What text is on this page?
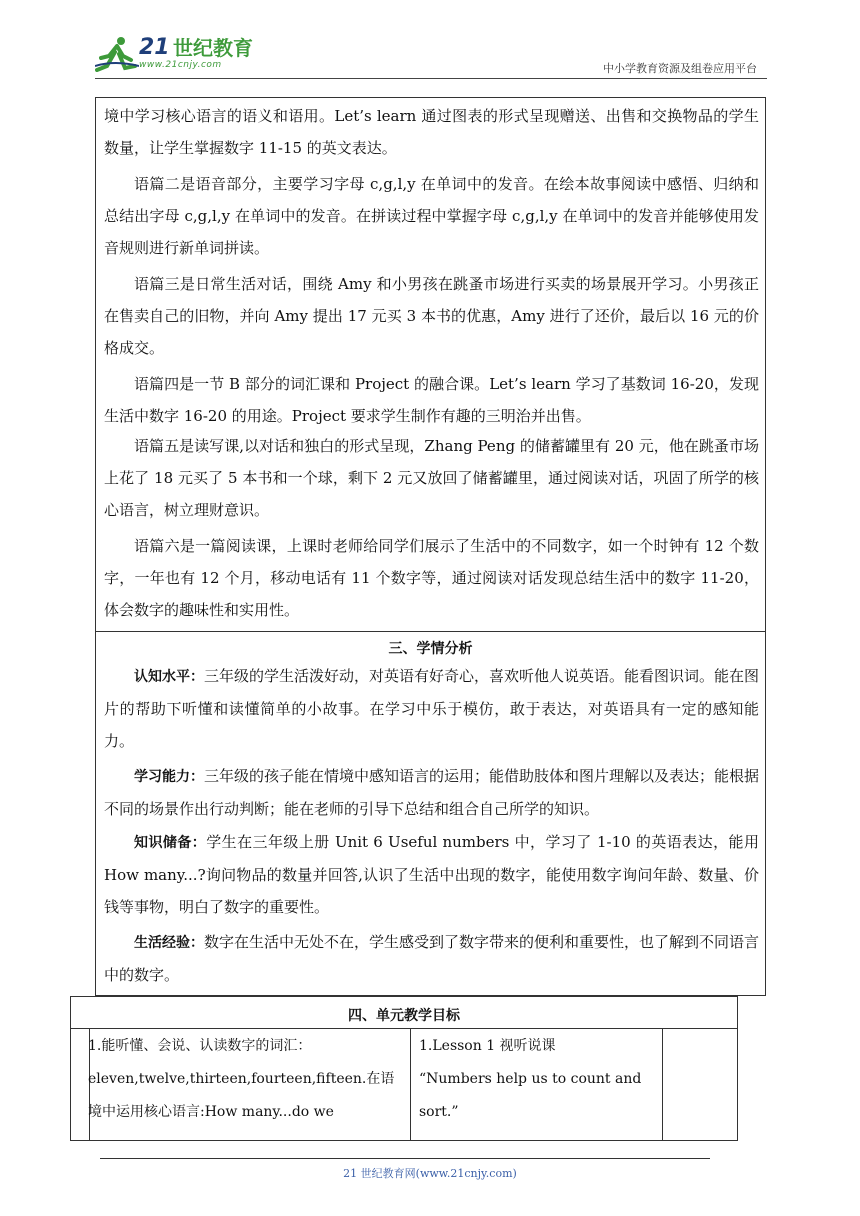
21 世纪教育
www.21cnjy.com	中小学教育资源及组卷应用平台

境中学习核心语言的语义和语用。Let’s learn 通过图表的形式呈现赠送、出售和交换物品的学生数量，让学生掌握数字 11-15 的英文表达。

语篇二是语音部分，主要学习字母 c,g,l,y 在单词中的发音。在绘本故事阅读中感悟、归纳和总结出字母 c,g,l,y 在单词中的发音。在拼读过程中掌握字母 c,g,l,y 在单词中的发音并能够使用发音规则进行新单词拼读。

语篇三是日常生活对话，围绕 Amy 和小男孩在跳蚤市场进行买卖的场景展开学习。小男孩正在售卖自己的旧物，并向 Amy 提出 17 元买 3 本书的优惠，Amy 进行了还价，最后以 16 元的价格成交。

语篇四是一节 B 部分的词汇课和 Project 的融合课。Let’s learn 学习了基数词 16-20，发现生活中数字 16-20 的用途。Project 要求学生制作有趣的三明治并出售。

语篇五是读写课,以对话和独白的形式呈现，Zhang Peng 的储蓄罐里有 20 元，他在跳蚤市场上花了 18 元买了 5 本书和一个球，剩下 2 元又放回了储蓄罐里，通过阅读对话，巩固了所学的核心语言，树立理财意识。

语篇六是一篇阅读课，上课时老师给同学们展示了生活中的不同数字，如一个时钟有 12 个数字，一年也有 12 个月，移动电话有 11 个数字等，通过阅读对话发现总结生活中的数字 11-20，体会数字的趣味性和实用性。

三、学情分析

认知水平：三年级的学生活泼好动，对英语有好奇心，喜欢听他人说英语。能看图识词。能在图片的帮助下听懂和读懂简单的小故事。在学习中乐于模仿，敢于表达，对英语具有一定的感知能力。

学习能力：三年级的孩子能在情境中感知语言的运用；能借助肢体和图片理解以及表达；能根据不同的场景作出行动判断；能在老师的引导下总结和组合自己所学的知识。

知识储备：学生在三年级上册 Unit 6 Useful numbers 中，学习了 1-10 的英语表达，能用 How many...?询问物品的数量并回答,认识了生活中出现的数字，能使用数字询问年龄、数量、价钱等事物，明白了数字的重要性。

生活经验：数字在生活中无处不在，学生感受到了数字带来的便利和重要性，也了解到不同语言中的数字。

四、单元教学目标
1.能听懂、会说、认读数字的词汇：
eleven,twelve,thirteen,fourteen,fifteen.在语
境中运用核心语言:How many...do we
1.Lesson 1 视听说课
“Numbers help us to count and
sort.”
21 世纪教育网(www.21cnjy.com)
